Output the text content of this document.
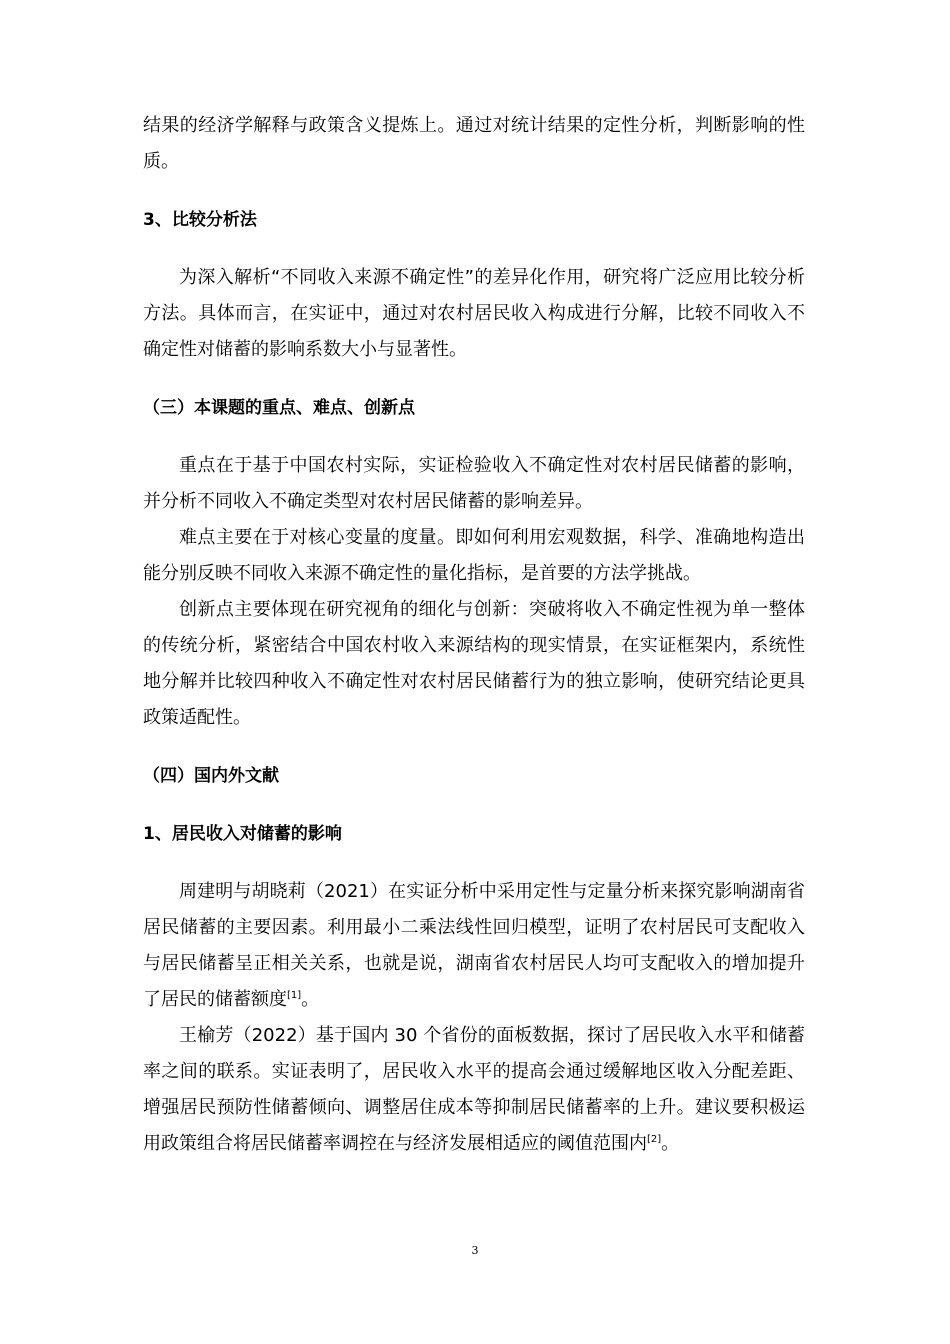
结果的经济学解释与政策含义提炼上。通过对统计结果的定性分析，判断影响的性质。

3、比较分析法

为深入解析“不同收入来源不确定性”的差异化作用，研究将广泛应用比较分析方法。具体而言，在实证中，通过对农村居民收入构成进行分解，比较不同收入不确定性对储蓄的影响系数大小与显著性。

（三）本课题的重点、难点、创新点

重点在于基于中国农村实际，实证检验收入不确定性对农村居民储蓄的影响，并分析不同收入不确定类型对农村居民储蓄的影响差异。

难点主要在于对核心变量的度量。即如何利用宏观数据，科学、准确地构造出能分别反映不同收入来源不确定性的量化指标，是首要的方法学挑战。

创新点主要体现在研究视角的细化与创新：突破将收入不确定性视为单一整体的传统分析，紧密结合中国农村收入来源结构的现实情景，在实证框架内，系统性地分解并比较四种收入不确定性对农村居民储蓄行为的独立影响，使研究结论更具政策适配性。

（四）国内外文献

1、居民收入对储蓄的影响

周建明与胡晓莉（2021）在实证分析中采用定性与定量分析来探究影响湖南省居民储蓄的主要因素。利用最小二乘法线性回归模型，证明了农村居民可支配收入与居民储蓄呈正相关关系，也就是说，湖南省农村居民人均可支配收入的增加提升了居民的储蓄额度[1]。

王榆芳（2022）基于国内 30 个省份的面板数据，探讨了居民收入水平和储蓄率之间的联系。实证表明了，居民收入水平的提高会通过缓解地区收入分配差距、增强居民预防性储蓄倾向、调整居住成本等抑制居民储蓄率的上升。建议要积极运用政策组合将居民储蓄率调控在与经济发展相适应的阈值范围内[2]。

3
